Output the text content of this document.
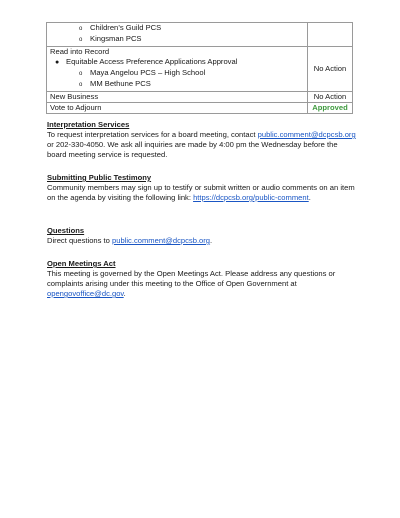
o Children’s Guild PCS
o Kingsman PCS	

Read into Record
● Equitable Access Preference Applications Approval
o Maya Angelou PCS – High School
o MM Bethune PCS	No Action
New Business	No Action
Vote to Adjourn	Approved
Interpretation Services
To request interpretation services for a board meeting, contact public.comment@dcpcsb.org or 202-330-4050. We ask all inquiries are made by 4:00 pm the Wednesday before the board meeting service is requested.
Submitting Public Testimony
Community members may sign up to testify or submit written or audio comments on an item on the agenda by visiting the following link: https://dcpcsb.org/public-comment.
Questions
Direct questions to public.comment@dcpcsb.org.
Open Meetings Act
This meeting is governed by the Open Meetings Act. Please address any questions or complaints arising under this meeting to the Office of Open Government at opengovoffice@dc.gov.
